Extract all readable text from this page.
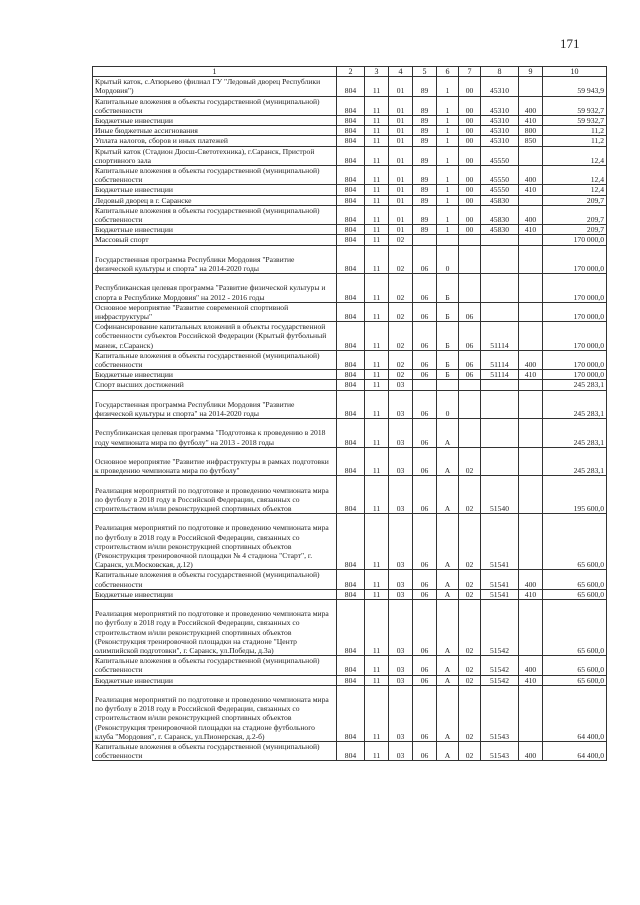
171
1	2	3	4	5	6	7	8	9	10
Крытый каток, с.Атюрьево (филиал ГУ "Ледовый дворец Республики Мордовия")	804	11	01	89	1	00	45310		59 943,9
Капитальные вложения в объекты государственной (муниципальной) собственности	804	11	01	89	1	00	45310	400	59 932,7
Бюджетные инвестиции	804	11	01	89	1	00	45310	410	59 932,7
Иные бюджетные ассигнования	804	11	01	89	1	00	45310	800	11,2
Уплата налогов, сборов и иных платежей	804	11	01	89	1	00	45310	850	11,2
Крытый каток (Стадион Дюсш-Светотехника), г.Саранск, Пристрой спортивного зала	804	11	01	89	1	00	45550		12,4
Капитальные вложения в объекты государственной (муниципальной) собственности	804	11	01	89	1	00	45550	400	12,4
Бюджетные инвестиции	804	11	01	89	1	00	45550	410	12,4
Ледовый дворец в г. Саранске	804	11	01	89	1	00	45830		209,7
Капитальные вложения в объекты государственной (муниципальной) собственности	804	11	01	89	1	00	45830	400	209,7
Бюджетные инвестиции	804	11	01	89	1	00	45830	410	209,7
Массовый спорт	804	11	02						170 000,0
Государственная программа Республики Мордовия "Развитие физической культуры и спорта" на 2014-2020 годы	804	11	02	06	0				170 000,0
Республиканская целевая программа "Развитие физической культуры и спорта в Республике Мордовия" на 2012 - 2016 годы	804	11	02	06	Б				170 000,0
Основное мероприятие "Развитие современной спортивной инфраструктуры"	804	11	02	06	Б	06			170 000,0
Софинансирование капитальных вложений в объекты государственной собственности субъектов Российской Федерации (Крытый футбольный манеж, г.Саранск)	804	11	02	06	Б	06	51114		170 000,0
Капитальные вложения в объекты государственной (муниципальной) собственности	804	11	02	06	Б	06	51114	400	170 000,0
Бюджетные инвестиции	804	11	02	06	Б	06	51114	410	170 000,0
Спорт высших достижений	804	11	03						245 283,1
Государственная программа Республики Мордовия "Развитие физической культуры и спорта" на 2014-2020 годы	804	11	03	06	0				245 283,1
Республиканская целевая программа "Подготовка к проведению в 2018 году чемпионата мира по футболу" на 2013 - 2018 годы	804	11	03	06	А				245 283,1
Основное мероприятие "Развитие инфраструктуры в рамках подготовки к проведению чемпионата мира по футболу"	804	11	03	06	А	02			245 283,1
Реализация мероприятий по подготовке и проведению чемпионата мира по футболу в 2018 году в Российской Федерации, связанных со строительством и/или реконструкцией спортивных объектов	804	11	03	06	А	02	51540		195 600,0
Реализация мероприятий по подготовке и проведению чемпионата мира по футболу в 2018 году в Российской Федерации, связанных со строительством и/или реконструкцией спортивных объектов (Реконструкция тренировочной площадки № 4 стадиона "Старт", г. Саранск, ул.Московская, д.12)	804	11	03	06	А	02	51541		65 600,0
Капитальные вложения в объекты государственной (муниципальной) собственности	804	11	03	06	А	02	51541	400	65 600,0
Бюджетные инвестиции	804	11	03	06	А	02	51541	410	65 600,0
Реализация мероприятий по подготовке и проведению чемпионата мира по футболу в 2018 году в Российской Федерации, связанных со строительством и/или реконструкцией спортивных объектов (Реконструкция тренировочной площадки на стадионе "Центр олимпийской подготовки", г. Саранск, ул.Победы, д.3а)	804	11	03	06	А	02	51542		65 600,0
Капитальные вложения в объекты государственной (муниципальной) собственности	804	11	03	06	А	02	51542	400	65 600,0
Бюджетные инвестиции	804	11	03	06	А	02	51542	410	65 600,0
Реализация мероприятий по подготовке и проведению чемпионата мира по футболу в 2018 году в Российской Федерации, связанных со строительством и/или реконструкцией спортивных объектов (Реконструкция тренировочной площадки на стадионе футбольного клуба "Мордовия", г. Саранск, ул.Пионерская, д.2-б)	804	11	03	06	А	02	51543		64 400,0
Капитальные вложения в объекты государственной (муниципальной) собственности	804	11	03	06	А	02	51543	400	64 400,0
